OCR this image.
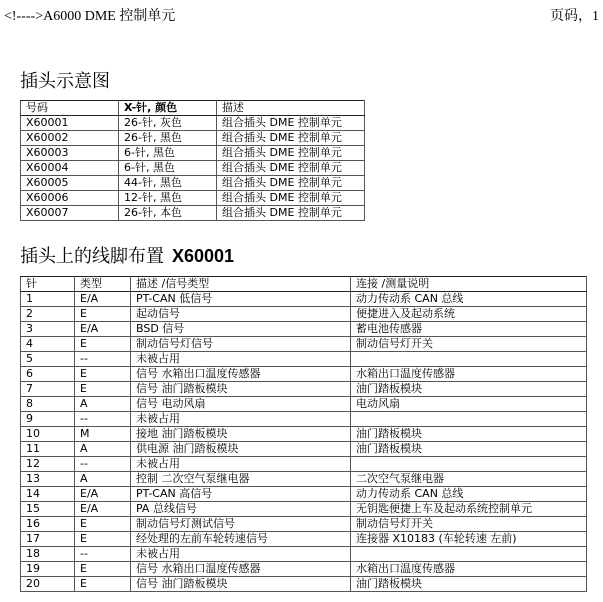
<!---->A6000 DME 控制单元	页码，1
插头示意图
号码	X-针, 颜色	描述
X60001	26-针, 灰色	组合插头 DME 控制单元
X60002	26-针, 黑色	组合插头 DME 控制单元
X60003	6-针, 黑色	组合插头 DME 控制单元
X60004	6-针, 黑色	组合插头 DME 控制单元
X60005	44-针, 黑色	组合插头 DME 控制单元
X60006	12-针, 黑色	组合插头 DME 控制单元
X60007	26-针, 本色	组合插头 DME 控制单元
插头上的线脚布置 X60001
针	类型	描述 /信号类型	连接 /测量说明
1	E/A	PT-CAN 低信号	动力传动系 CAN 总线
2	E	起动信号	便捷进入及起动系统
3	E/A	BSD 信号	蓄电池传感器
4	E	制动信号灯信号	制动信号灯开关
5	--	未被占用	
6	E	信号 水箱出口温度传感器	水箱出口温度传感器
7	E	信号 油门踏板模块	油门踏板模块
8	A	信号 电动风扇	电动风扇
9	--	未被占用	
10	M	接地 油门踏板模块	油门踏板模块
11	A	供电源 油门踏板模块	油门踏板模块
12	--	未被占用	
13	A	控制 二次空气泵继电器	二次空气泵继电器
14	E/A	PT-CAN 高信号	动力传动系 CAN 总线
15	E/A	PA 总线信号	无钥匙便捷上车及起动系统控制单元
16	E	制动信号灯测试信号	制动信号灯开关
17	E	经处理的左前车轮转速信号	连接器 X10183 (车轮转速 左前)
18	--	未被占用	
19	E	信号 水箱出口温度传感器	水箱出口温度传感器
20	E	信号 油门踏板模块	油门踏板模块
